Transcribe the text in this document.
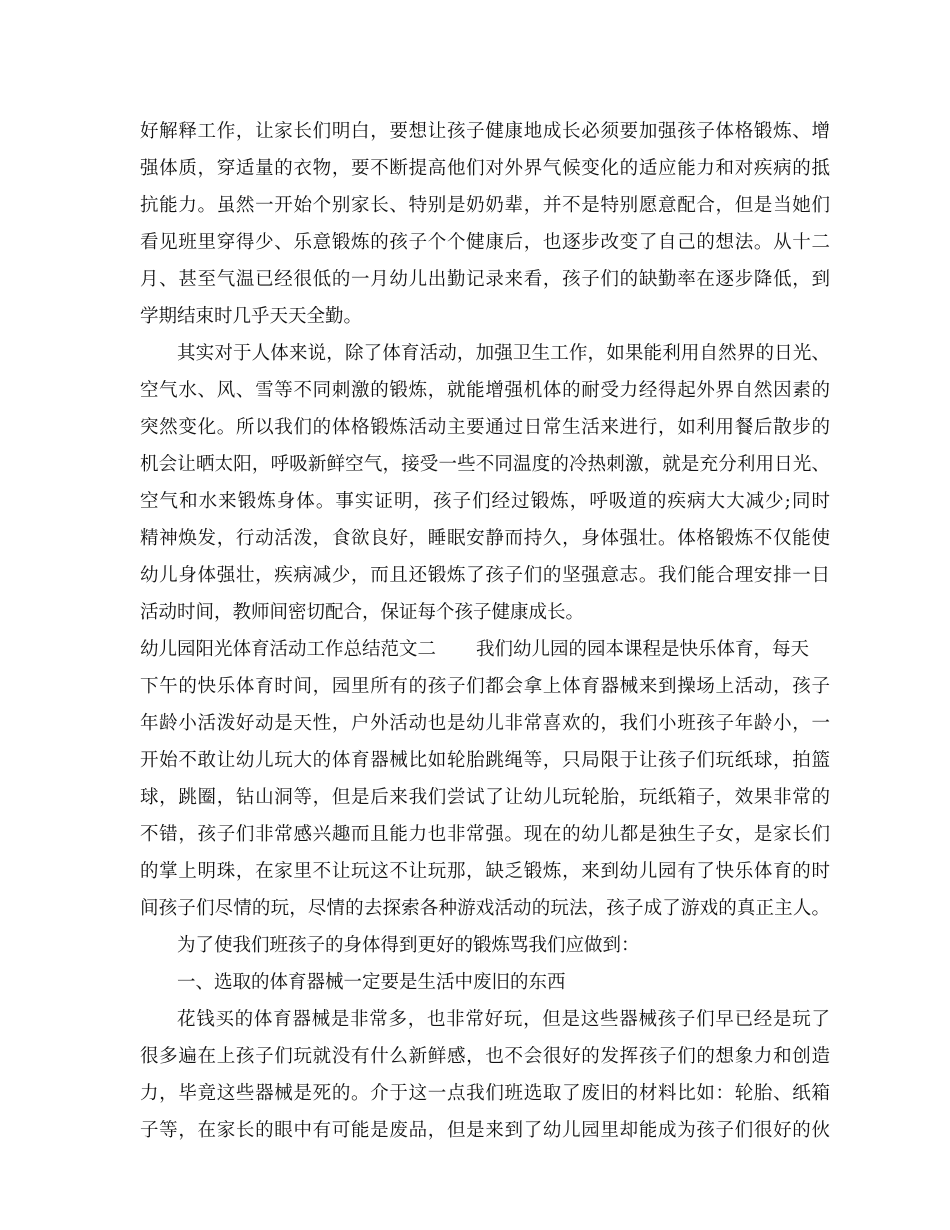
好解释工作，让家长们明白，要想让孩子健康地成长必须要加强孩子体格锻炼、增
强体质，穿适量的衣物，要不断提高他们对外界气候变化的适应能力和对疾病的抵
抗能力。虽然一开始个别家长、特别是奶奶辈，并不是特别愿意配合，但是当她们
看见班里穿得少、乐意锻炼的孩子个个健康后，也逐步改变了自己的想法。从十二
月、甚至气温已经很低的一月幼儿出勤记录来看，孩子们的缺勤率在逐步降低，到
学期结束时几乎天天全勤。
其实对于人体来说，除了体育活动，加强卫生工作，如果能利用自然界的日光、
空气水、风、雪等不同刺激的锻炼，就能增强机体的耐受力经得起外界自然因素的
突然变化。所以我们的体格锻炼活动主要通过日常生活来进行，如利用餐后散步的
机会让晒太阳，呼吸新鲜空气，接受一些不同温度的冷热刺激，就是充分利用日光、
空气和水来锻炼身体。事实证明，孩子们经过锻炼，呼吸道的疾病大大减少;同时
精神焕发，行动活泼，食欲良好，睡眠安静而持久，身体强壮。体格锻炼不仅能使
幼儿身体强壮，疾病减少，而且还锻炼了孩子们的坚强意志。我们能合理安排一日
活动时间，教师间密切配合，保证每个孩子健康成长。
幼儿园阳光体育活动工作总结范文二 我们幼儿园的园本课程是快乐体育，每天
下午的快乐体育时间，园里所有的孩子们都会拿上体育器械来到操场上活动，孩子
年龄小活泼好动是天性，户外活动也是幼儿非常喜欢的，我们小班孩子年龄小，一
开始不敢让幼儿玩大的体育器械比如轮胎跳绳等，只局限于让孩子们玩纸球，拍篮
球，跳圈，钻山洞等，但是后来我们尝试了让幼儿玩轮胎，玩纸箱子，效果非常的
不错，孩子们非常感兴趣而且能力也非常强。现在的幼儿都是独生子女，是家长们
的掌上明珠，在家里不让玩这不让玩那，缺乏锻炼，来到幼儿园有了快乐体育的时
间孩子们尽情的玩，尽情的去探索各种游戏活动的玩法，孩子成了游戏的真正主人。
为了使我们班孩子的身体得到更好的锻炼骂我们应做到：
一、选取的体育器械一定要是生活中废旧的东西
花钱买的体育器械是非常多，也非常好玩，但是这些器械孩子们早已经是玩了
很多遍在上孩子们玩就没有什么新鲜感，也不会很好的发挥孩子们的想象力和创造
力，毕竟这些器械是死的。介于这一点我们班选取了废旧的材料比如：轮胎、纸箱
子等，在家长的眼中有可能是废品，但是来到了幼儿园里却能成为孩子们很好的伙
